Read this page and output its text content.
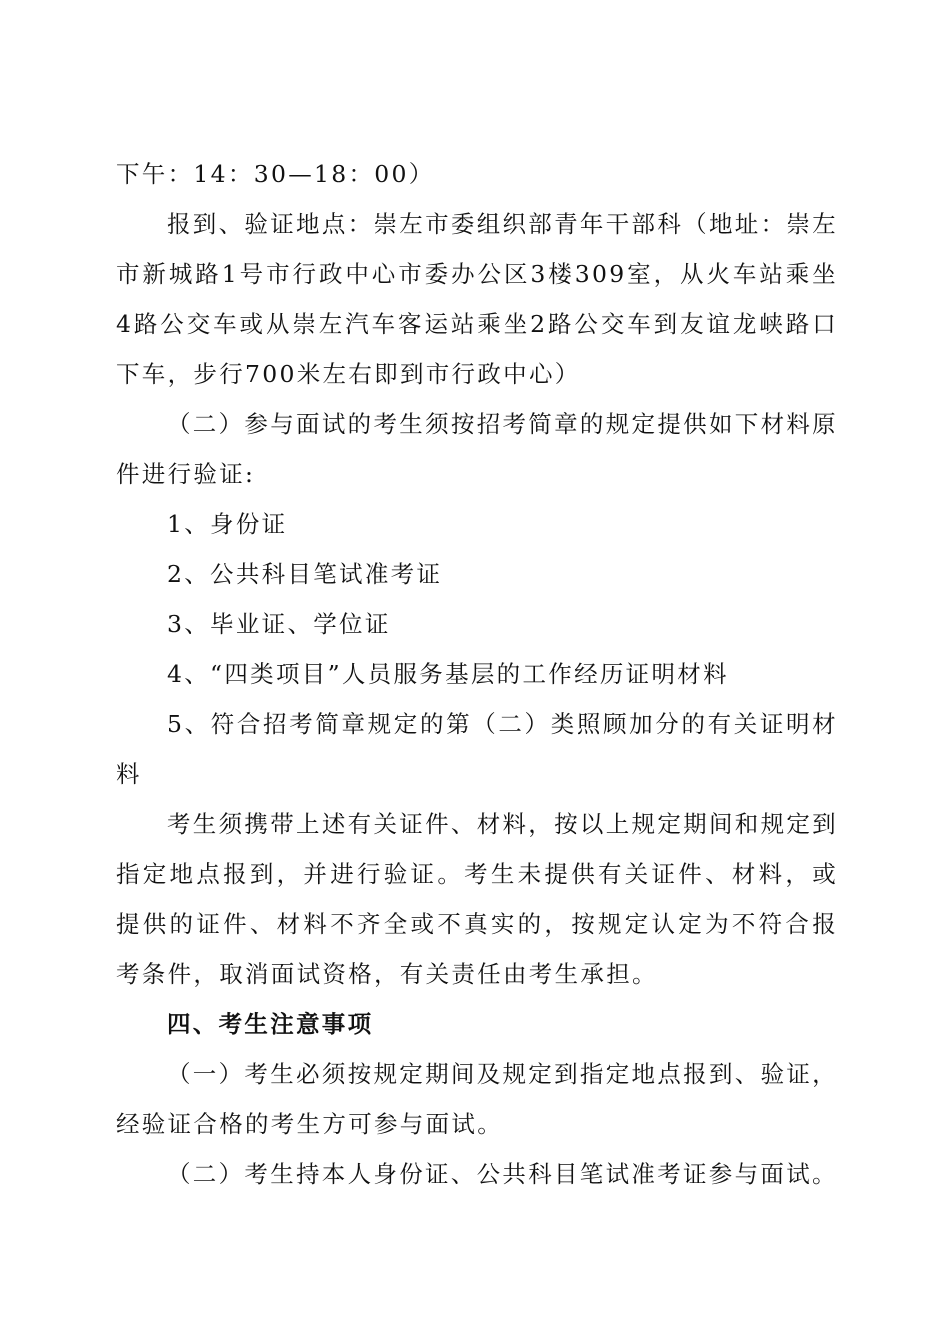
下午：14：30—18：00）

报到、验证地点：崇左市委组织部青年干部科（地址：崇左市新城路1号市行政中心市委办公区3楼309室，从火车站乘坐4路公交车或从崇左汽车客运站乘坐2路公交车到友谊龙峡路口下车，步行700米左右即到市行政中心）

（二）参与面试的考生须按招考简章的规定提供如下材料原件进行验证:

1、身份证

2、公共科目笔试准考证

3、毕业证、学位证

4、“四类项目”人员服务基层的工作经历证明材料

5、符合招考简章规定的第（二）类照顾加分的有关证明材料

考生须携带上述有关证件、材料，按以上规定期间和规定到指定地点报到，并进行验证。考生未提供有关证件、材料，或提供的证件、材料不齐全或不真实的，按规定认定为不符合报考条件，取消面试资格，有关责任由考生承担。

四、考生注意事项

（一）考生必须按规定期间及规定到指定地点报到、验证，经验证合格的考生方可参与面试。

（二）考生持本人身份证、公共科目笔试准考证参与面试。
